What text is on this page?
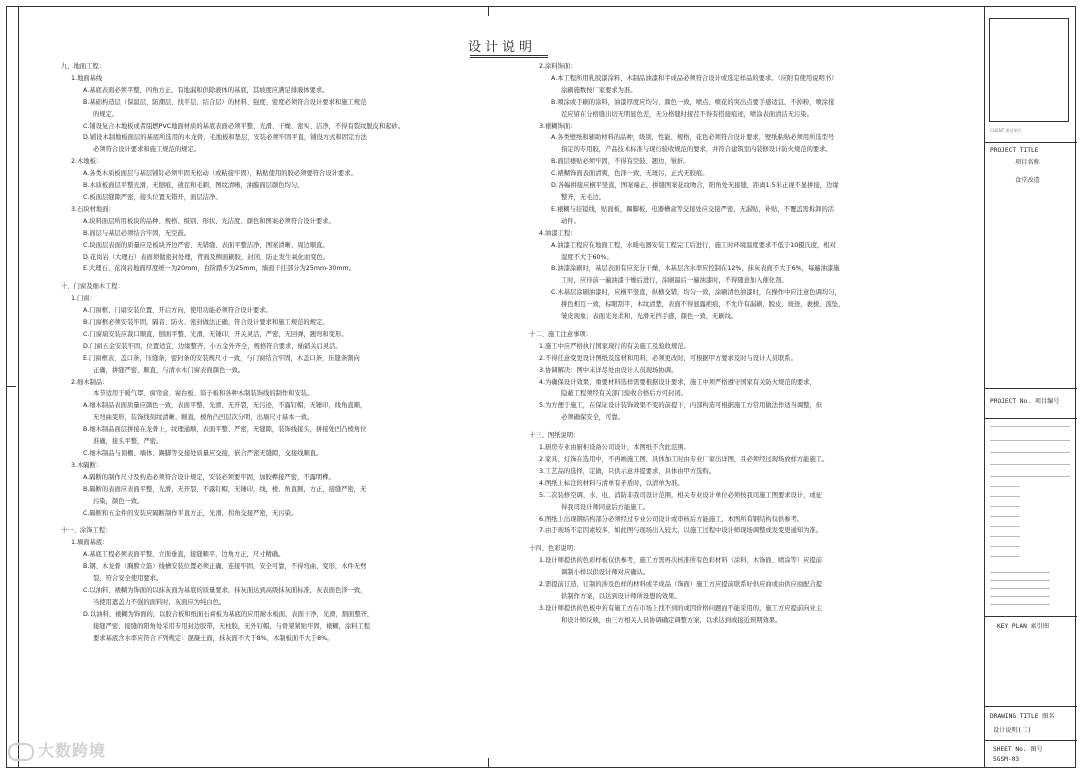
设计说明
九、地面工程：
1.地面基线
A.基底表面必须平整，四角方正，有地漏和供除液体的基底，其坡度应满足排液体要求。
B.基础构造层（保温层、防潮层、找平层、结合层）的材料、强度、密度必须符合设计要求和施工规范
的规定。
C.铺设复合木地板或者阻燃PVC地面材质的基底表面必须平整、光滑、干燥、密实、洁净，不得有裂纹脱皮和起砂。
D.铺设木制地板面层的基底所选用的木龙骨，毛地板和垫层，安装必须牢固平直，铺设方式和固定方法
必须符合设计要求和施工规范的规定。
2.木地板：
A.各类木质板面层与基层铺钉必须牢固无松动（或粘接牢固），粘贴使用的胶必须要符合设计要求。
B.木质板面层平整光滑，无刨痕，戗茬和毛刺，图纹清晰，油膜面层颜色均匀。
C.板面层缝隙严密，接头位置无错开，面层洁净。
3.石块材地面：
A.块料面层所用板块的品种、规格、级别、形状、光洁度、颜色和图案必须符合设计要求。
B.面层与基层必须结合牢固，无空鼓。
C.块面层表面的质量应是板块齐边严密、无错缝、表面平整洁净，图案清晰、周边顺直。
D.花岗岩（大理石）表面须做密封处理，背面及侧面刷胶，封闭，防止发生氧化而变色。
E.大理石、花岗岩地面厚度统一为20mm，台阶踏步为25mm，墙面干挂部分为25mm-30mm。
十、门窗及细木工程：
1.门窗：
A.门窗框、门扇安装位置、开启方向，使用功能必须符合设计要求。
B.门窗框必须安装牢固，隔音、防火、密封做法正确，符合设计要求和施工规范的规定。
C.门窗扇安装应裁口顺直，刨面平整、光滑，无锤印，开关灵活，严密，无回弹，翘弯和变形。
D.门窗五金安装牢固，位置适宜，边缘整齐，小五金外齐全，规格符合要求，插销关启灵活。
E.门窗框表、盖口条，压缝条，密封条的安装规尺寸一致，与门窗结合牢固，木盖口条，压缝条割向
正确，拼缝严密，顺直，与清水木门窗表面颜色一致。
2.细木制品：
本节适用于暖气罩、窗帘盒、窗台板、筒子板和各种木制装饰线的制作和安装。
A.细木制品表面质量应颜色一致，表面平整、光滑、无开裂，无污迹，不露钉帽，无锤印，线角直顺，
无弯曲变形，装饰线刻纹清晰、顺直，棱角凸凹层次分明，出墙尺寸基本一致。
B.细木制品面层拼接在龙骨上，纹理通顺，表面平整、严密，无缝隙，装饰线接头，拼接处凹凸棱角位
准确，接头平整，严密。
C.细木制品与顶棚、墙体、踢脚等交接处质量应交接，嵌合严密无缝隙，交接线顺直。
3.木隔断：
A.隔断的制作尺寸及构造必须符合设计规定，安装必须要牢固，加胶榫接严密，不露明榫。
B.隔断的表面应表面平整，光滑，无开裂，不露钉帽，无锤印，线，棱、角直顺，方正，接缝严密，无
污染，颜色一致。
C.隔断和五金件的安装应隔断制作平直方正，光滑，拐角交接严密，无污染。
十一、涂饰工程：
1.墙面基底：
A.基底工程必须表面平整，立面垂直，接缝顺平，边角方正，尺寸精确。
B.钢、木龙骨（胸膛立筋）线槽安装位置必须正确，连接牢固，安全可靠，不得弯曲、变形，木件无劈
裂，符合安全使用要求。
C.以油料、裱糊为饰面的以抹灰面为基底的质量要求，抹灰面达到高级抹灰面标准，灰表面色泽一致，
当使用遮盖力不强的面料时，灰面应为纯白色。
D.以油料、裱糊为饰面的，以胶合板和纸面石膏板为基底的应用耐水板面，表面干净，光滑，割面整齐，
接缝严密，接缝的阳角处采用专用封边胶带，无柱胶，无外钉帽，与骨架紧贴牢固，裱糊，涂料工程
要求基底含水率应符合下列规定：混凝土面，抹灰面不大于8%，木制板面不大于8%。
2.涂料饰面：
A.本工程所用乳胶漆涂料、木制品油漆和半成品必须符合设计或选定样品的要求。（应附有使用说明书）
涂刷施数按厂家要求为准。
B.喷涂或手刷的涂料，油漆厚度应均匀，颜色一致，喷点、喷花的突出点要手感适宜，不掉粉，喷涂接
茬应留在分格缝出切无明显色差，无分格缝时接茬不得有搭接痕迹，喷涂表面清洁无污染。
3.裱糊饰面：
A.各类壁纸和辅助材料的品种，级别，性能、规格，花色必须符合设计要求，壁纸粘贴必须用所选型号
指定的专用胶，产品技术标准与现行验收规范的要求，并符合建筑室内装修设计防火规范的要求。
B.面层裱贴必须牢固，不得有空鼓、翘边，皱折。
C.裱糊饰面表面清爽，色泽一致，无斑污，正式无胶痕。
D.各幅拼接应横平竖直，图案端正，拼缝图案花纹吻合，阳角处无接缝，距离1.5米正视不显拼接，边缘
整齐，无毛边。
E.裱糊与挂镜线，贴面板，踢脚板，电器槽盒等交接处应交接严密，无漏贴，补贴，不覆盖需拆卸的活
动件。
4.油漆工程：
A.油漆工程应在地面工程，水暖电器安装工程完工后进行，施工时环境温度要求不低于10摄氏度，相对
湿度不大于60%。
B.油漆涂刷时，基层表面有应充分干燥，木基层含水率应控制在12%，抹灰表面不大于6%，每遍油漆施
工时，应待前一遍油漆干燥后进行，涂刷最后一遍油漆时，不得随意加入催化剂。
C.木基层涂刷油漆时，应横平竖直，纵横交错，均匀一致，涂刷清色油漆时，在操作中应注意色调均匀，
拼色相互一致，棕眼刮平，木纹清楚，表面不得显露疤痕，不允许有漏刷，脱皮，斑迹，裹棱，流坠，
皱皮现象；表面光亮柔和，光滑无挡手感，颜色一致，无刷纹。
十二、施工注意事项：
1.施工中应严格执行国家现行的有关施工及验收规范。
2.不得任意变更设计图纸及选材和用料，必须更改时，可根据甲方要求及时与设计人员联系。
3.协调解决：图中未详尽处由设计人员现场协调。
4.为确保设计效果，重要材料选样需要根据设计要求，施工中须严格遵守国家有关防火规范的要求，
隐蔽工程须经有关部门验收合格后方可封闭。
5.为方便于施工，在保证设计装饰效果不变的前提下，内部构造可根据施工方常用做法作适当调整，但
必须确保安全，可靠。
十三、图纸说明：
1.厨房专业由厨柜设备公司设计，本图纸不含此范围。
2.家具、灯饰在选用中，不再画施工图，具体加工时由专业厂家出详图，且必须经过现场放样方能施工。
3.工艺品的选择，定做，只供示意并提要求，具体由甲方选购。
4.图纸上标注的材料与清单有矛盾时，以清单为准。
5.二次装修空调、水、电、消防非我司设计范围，相关专业设计单位必须按我司施工图要求设计，或征
得我司设计师同意后方能施工。
6.图纸上出现钢结构部分必须经过专业公司设计或审核后方能施工，本图所有钢结构仅供参考。
7.由于现场不定因素较多，如此图与现场出入较大，以施工过程中设计师现场调整或发变更通知为准。
十四、色彩说明：
1.设计师提供的色彩样板仅供参考，施工方需再次核准所有色彩材料（涂料、木饰面、喷涂等）应提前
调制小样以供设计师对应确认。
2.需提前订造，订制的涉及色样的材料或半成品（饰面）施工方应提前联系好供应商或由供应商配合提
供制作方案，以达到设计师所设想的效果。
3.设计师提供的色板中若有施工方在市场上找不到的或因价格问题而不能采用的，施工方应提前向业主
和设计师反映，由三方相关人员协调确定调整方案，以求达到或接近预期效果。
CLIENT 建设单位
PROJECT TITLE
项目名称
食堂改造
PROJECT No. 项目编号
KEY PLAN 索引图
DRAWING TITLE 图名
设计说明(二)
SHEET No. 图号
SGSM-03
大数跨境
